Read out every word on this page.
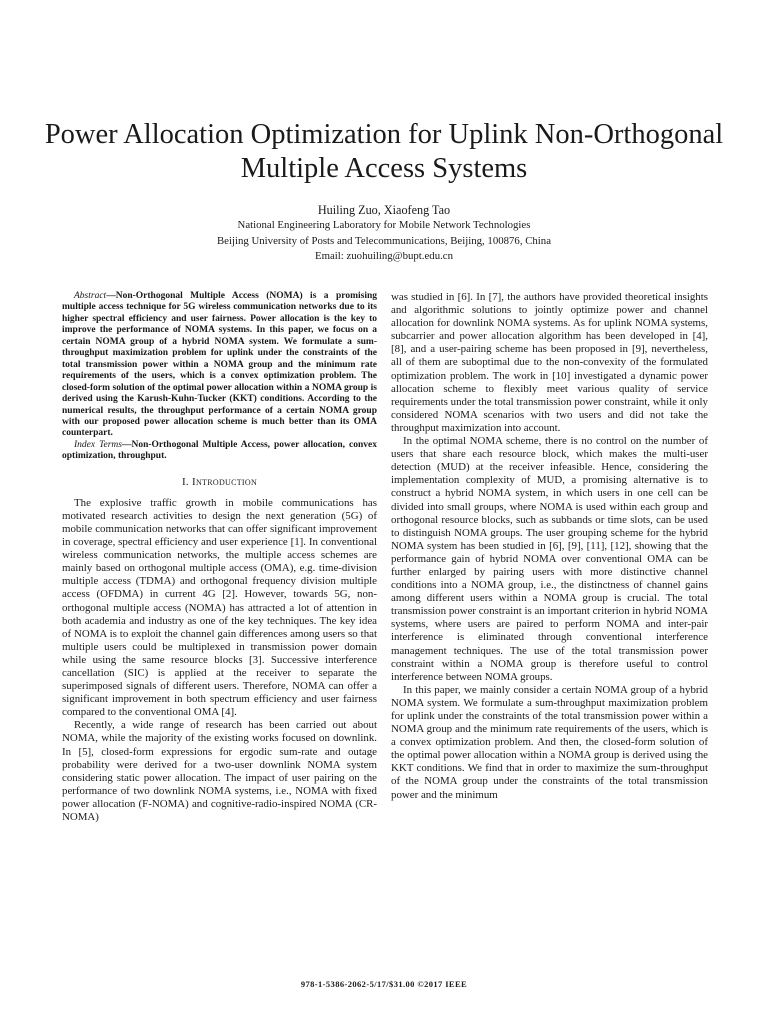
Power Allocation Optimization for Uplink Non-Orthogonal Multiple Access Systems
Huiling Zuo, Xiaofeng Tao
National Engineering Laboratory for Mobile Network Technologies
Beijing University of Posts and Telecommunications, Beijing, 100876, China
Email: zuohuiling@bupt.edu.cn

Abstract—Non-Orthogonal Multiple Access (NOMA) is a promising multiple access technique for 5G wireless communication networks due to its higher spectral efficiency and user fairness. Power allocation is the key to improve the performance of NOMA systems. In this paper, we focus on a certain NOMA group of a hybrid NOMA system. We formulate a sum-throughput maximization problem for uplink under the constraints of the total transmission power within a NOMA group and the minimum rate requirements of the users, which is a convex optimization problem. The closed-form solution of the optimal power allocation within a NOMA group is derived using the Karush-Kuhn-Tucker (KKT) conditions. According to the numerical results, the throughput performance of a certain NOMA group with our proposed power allocation scheme is much better than its OMA counterpart.

Index Terms—Non-Orthogonal Multiple Access, power allocation, convex optimization, throughput.

I. Introduction

The explosive traffic growth in mobile communications has motivated research activities to design the next generation (5G) of mobile communication networks that can offer significant improvement in coverage, spectral efficiency and user experience [1]. In conventional wireless communication networks, the multiple access schemes are mainly based on orthogonal multiple access (OMA), e.g. time-division multiple access (TDMA) and orthogonal frequency division multiple access (OFDMA) in current 4G [2]. However, towards 5G, non-orthogonal multiple access (NOMA) has attracted a lot of attention in both academia and industry as one of the key techniques. The key idea of NOMA is to exploit the channel gain differences among users so that multiple users could be multiplexed in transmission power domain while using the same resource blocks [3]. Successive interference cancellation (SIC) is applied at the receiver to separate the superimposed signals of different users. Therefore, NOMA can offer a significant improvement in both spectrum efficiency and user fairness compared to the conventional OMA [4].

Recently, a wide range of research has been carried out about NOMA, while the majority of the existing works focused on downlink. In [5], closed-form expressions for ergodic sum-rate and outage probability were derived for a two-user downlink NOMA system considering static power allocation. The impact of user pairing on the performance of two downlink NOMA systems, i.e., NOMA with fixed power allocation (F-NOMA) and cognitive-radio-inspired NOMA (CR-NOMA)

was studied in [6]. In [7], the authors have provided theoretical insights and algorithmic solutions to jointly optimize power and channel allocation for downlink NOMA systems. As for uplink NOMA systems, subcarrier and power allocation algorithm has been developed in [4], [8], and a user-pairing scheme has been proposed in [9], nevertheless, all of them are suboptimal due to the non-convexity of the formulated optimization problem. The work in [10] investigated a dynamic power allocation scheme to flexibly meet various quality of service requirements under the total transmission power constraint, while it only considered NOMA scenarios with two users and did not take the throughput maximization into account.

In the optimal NOMA scheme, there is no control on the number of users that share each resource block, which makes the multi-user detection (MUD) at the receiver infeasible. Hence, considering the implementation complexity of MUD, a promising alternative is to construct a hybrid NOMA system, in which users in one cell can be divided into small groups, where NOMA is used within each group and orthogonal resource blocks, such as subbands or time slots, can be used to distinguish NOMA groups. The user grouping scheme for the hybrid NOMA system has been studied in [6], [9], [11], [12], showing that the performance gain of hybrid NOMA over conventional OMA can be further enlarged by pairing users with more distinctive channel conditions into a NOMA group, i.e., the distinctness of channel gains among different users within a NOMA group is crucial. The total transmission power constraint is an important criterion in hybrid NOMA systems, where users are paired to perform NOMA and inter-pair interference is eliminated through conventional interference management techniques. The use of the total transmission power constraint within a NOMA group is therefore useful to control interference between NOMA groups.

In this paper, we mainly consider a certain NOMA group of a hybrid NOMA system. We formulate a sum-throughput maximization problem for uplink under the constraints of the total transmission power within a NOMA group and the minimum rate requirements of the users, which is a convex optimization problem. And then, the closed-form solution of the optimal power allocation within a NOMA group is derived using the KKT conditions. We find that in order to maximize the sum-throughput of the NOMA group under the constraints of the total transmission power and the minimum

978-1-5386-2062-5/17/$31.00 ©2017 IEEE
